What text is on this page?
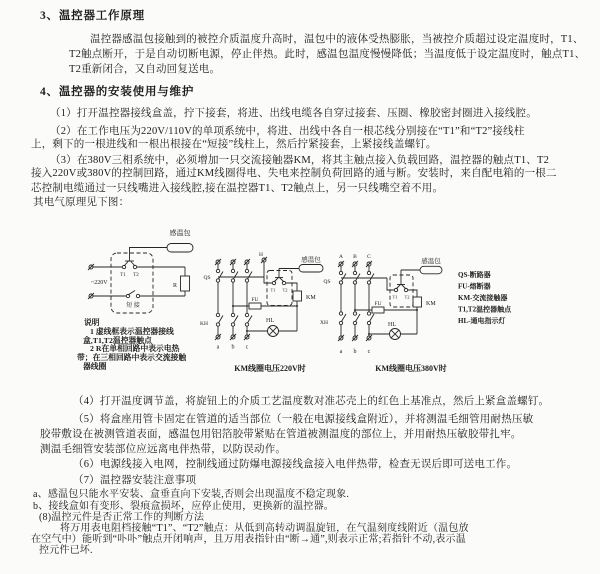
3、温控器工作原理
温控器感温包接触到的被控介质温度升高时，温包中的液体受热膨胀，当被控介质超过设定温度时，T1、
T2触点断开，于是自动切断电源，停止伴热。此时，感温包温度慢慢降低；当温度低于设定温度时，触点T1、
T2重新闭合，又自动回复送电。
4、温控器的安装使用与维护
（1）打开温控器接线盒盖，拧下接套，将进、出线电缆各自穿过接套、压圈、橡胶密封圈进入接线腔。
（2）在工作电压为220V/110V的单项系统中，将进、出线中各自一根芯线分别接在“T1”和“T2”接线柱
上，剩下的一根进线和一根出根接在“短接”线柱上，然后拧紧接套，上紧接线盖螺钉。
（3）在380V三相系统中，必须增加一只交流接触器KM，将其主触点接入负载回路，温控器的触点T1、T2
接入220V或380V的控制回路，通过KM线圈得电、失电来控制负荷回路的通与断。安装时，来自配电箱的一根二
芯控制电缆通过一只线嘴进入接线腔,接在温控器T1、T2触点上，另一只线嘴空着不用。
其电气原理见下图：
感温包
T1 T2
~220V
短 接
R
QS
KH
a b c
H
T1 T2
感温包
KM
FU
HL
KM线圈电压220V时
A B C
QS
XH
a b c
T1 T2
感温包
KM
FU
HL
KM线圈电压380V时
QS-断路器
FU-熔断器
KM-交流接触器
T1,T2温控器触点
HL-通电指示灯
说明
1 虚线框表示温控器接线
盒,T1,T2温控器触点
2 R在单相回路中表示电热
带；在三相回路中表示交流接触
器线圈
（4）打开温度调节盖，将旋钮上的介质工艺温度数对准芯壳上的红色上基准点，然后上紧盒盖螺钉。
（5）将盒座用管卡固定在管道的适当部位（一般在电源接线盒附近），并将测温毛细管用耐热压敏
胶带敷设在被测管道表面，感温包用铝箔胶带紧贴在管道被测温度的部位上，并用耐热压敏胶带扎牢。
测温毛细管安装部位应远离电伴热带，以防误动作。
（6）电源线接入电网，控制线通过防爆电源接线盒接入电伴热带，检查无误后即可送电工作。
（7）温控器安装注意事项
a、感温包只能水平安装、盒垂直向下安装,否则会出现温度不稳定现象.
b、接线盒如有变形、裂痕盒损坏，应停止使用，更换新的温控器。
(8)温控元件是否正常工作的判断方法
将万用表电阻档接触“T1”、“T2”触点：从低到高转动调温旋钮，在气温刻度线附近（温包放
在空气中）能听到“卟卟”触点开闭响声，且万用表指针由“断→通”,则表示正常;若指针不动,表示温
控元件已坏.
